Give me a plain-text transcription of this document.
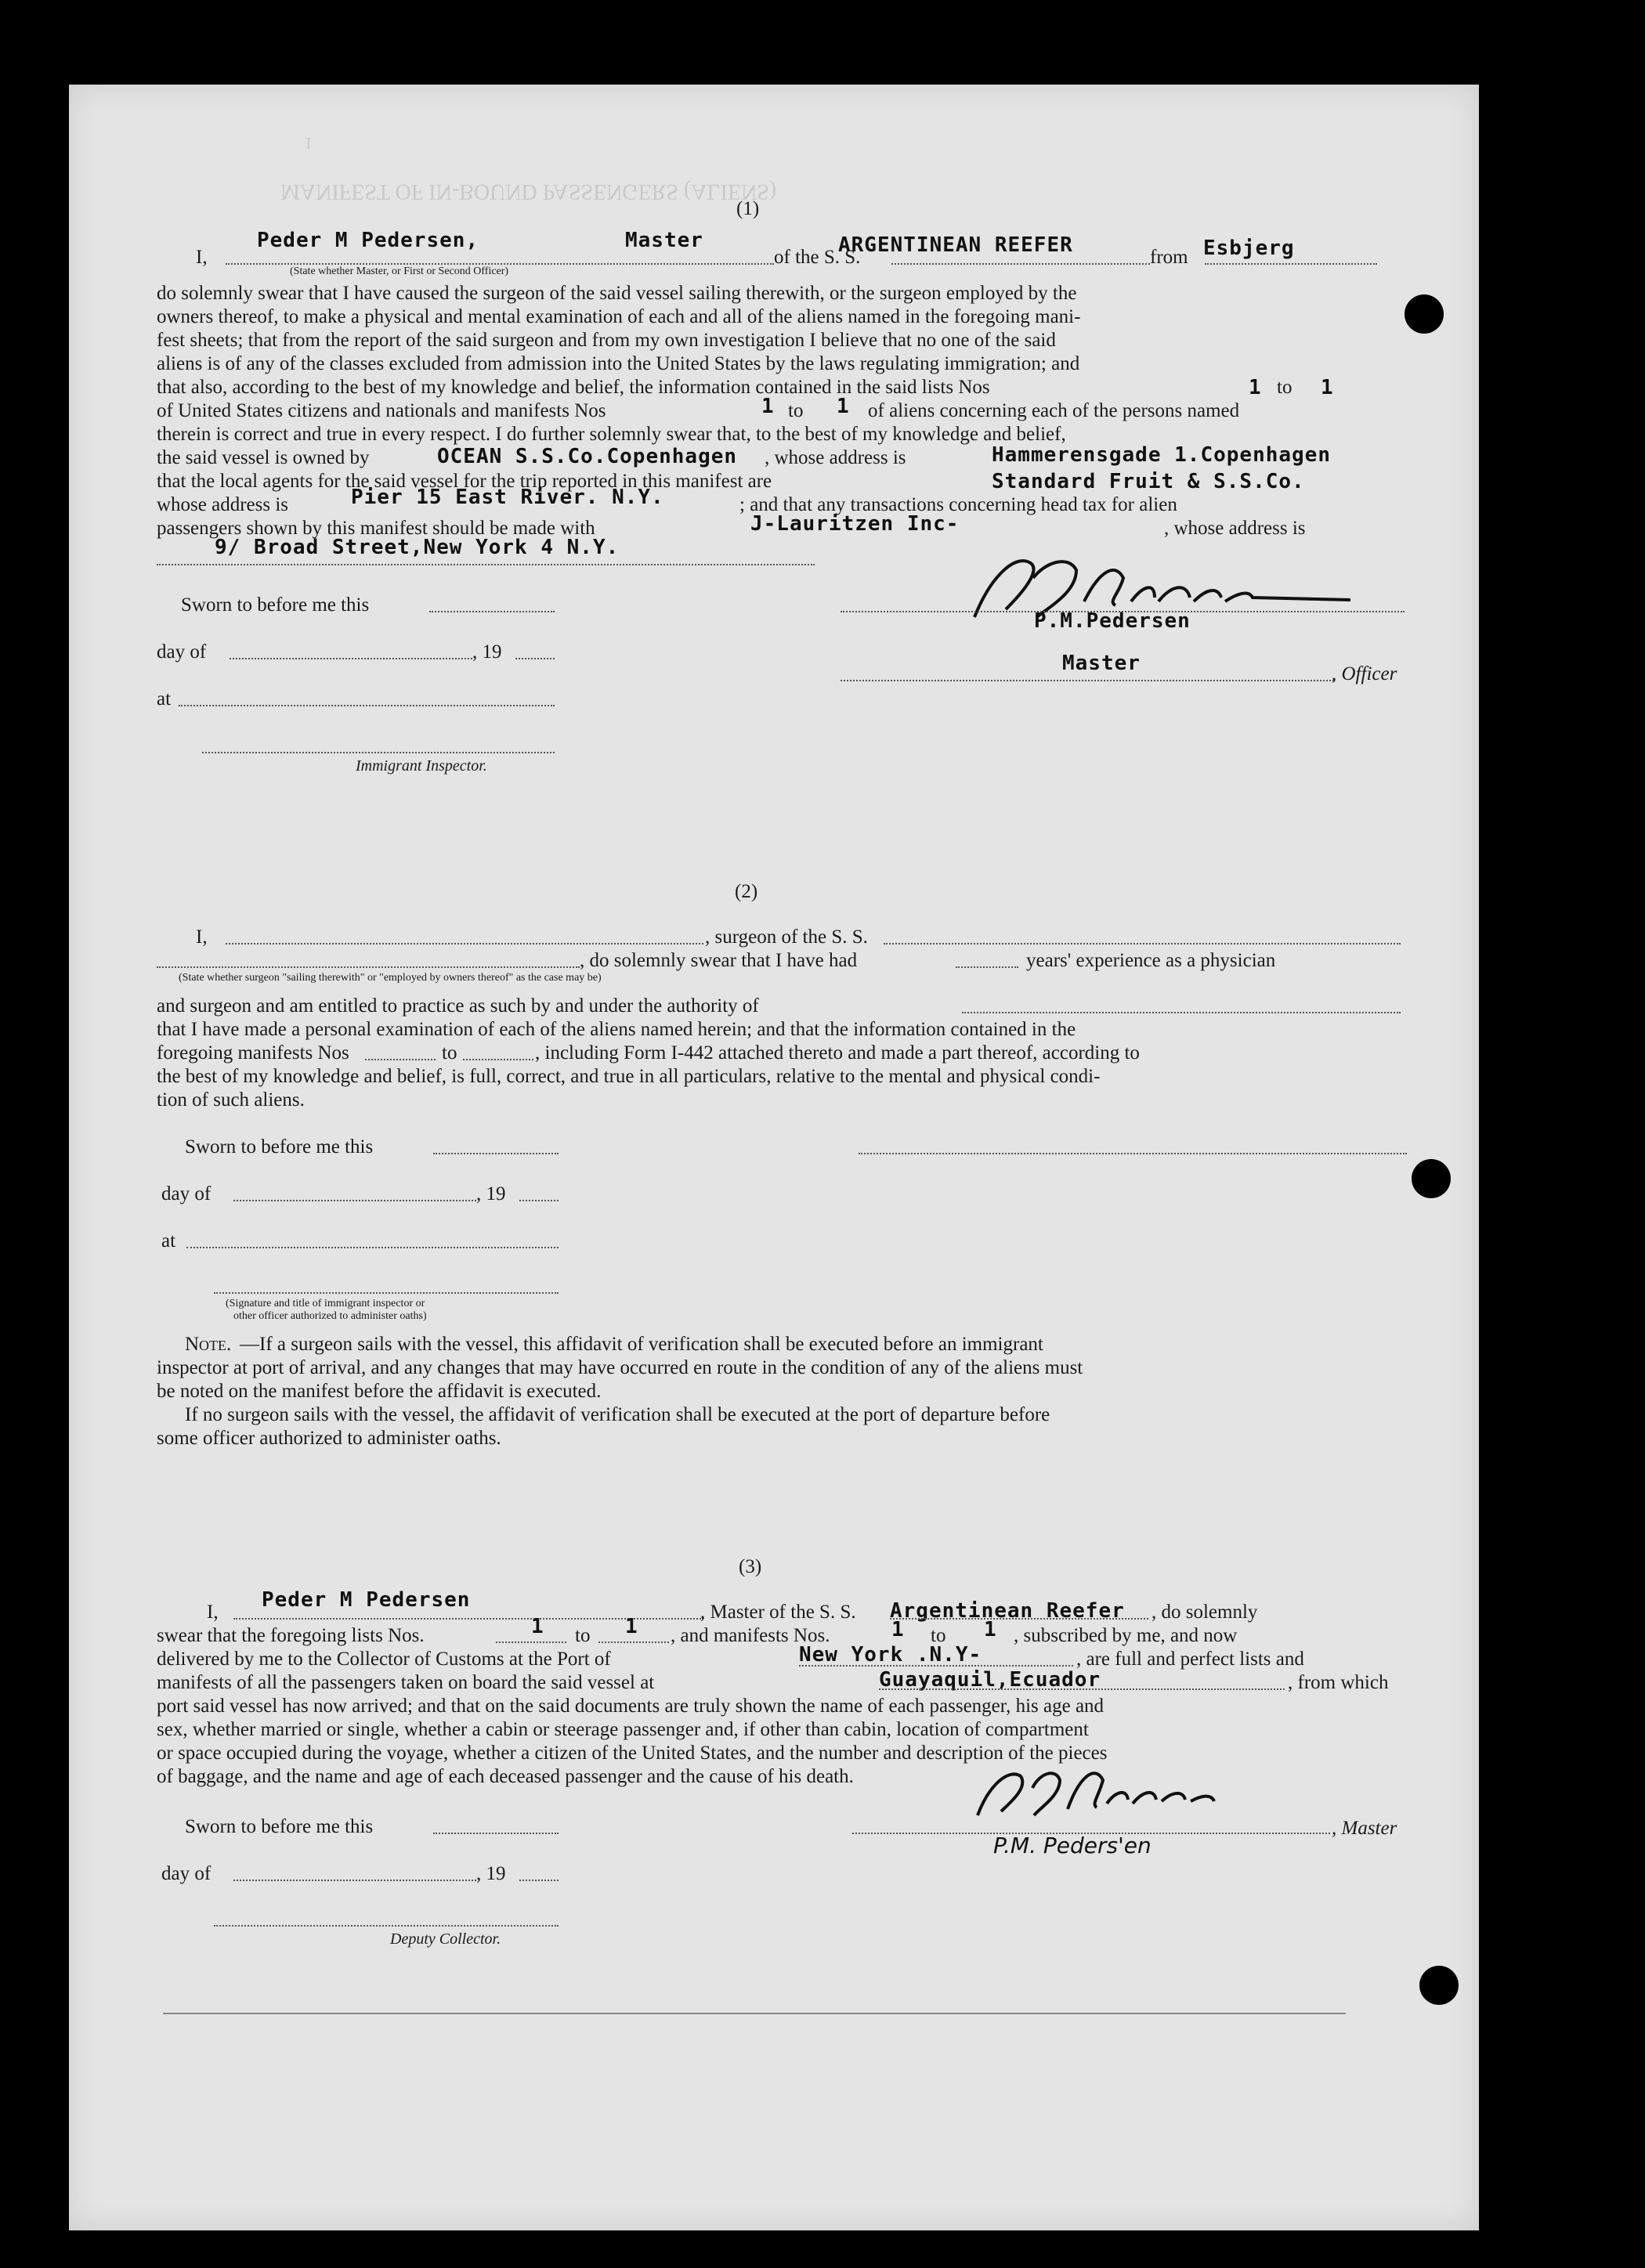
MANIFEST OF IN-BOUND PASSENGERS (ALIENS)
1
(1)
I,
Peder M Pedersen,	Master
of the S. S.
ARGENTINEAN REEFER
from Esbjerg
(State whether Master, or First or Second Officer)
do solemnly swear that I have caused the surgeon of the said vessel sailing therewith, or the surgeon employed by the
owners thereof, to make a physical and mental examination of each and all of the aliens named in the foregoing mani-
fest sheets; that from the report of the said surgeon and from my own investigation I believe that no one of the said
aliens is of any of the classes excluded from admission into the United States by the laws regulating immigration; and
that also, according to the best of my knowledge and belief, the information contained in the said lists Nos	1 to 1
of United States citizens and nationals and manifests Nos	1 to 1 of aliens concerning each of the persons named
therein is correct and true in every respect. I do further solemnly swear that, to the best of my knowledge and belief,
the said vessel is owned by	OCEAN S.S.Co.Copenhagen , whose address is	Hammerensgade 1.Copenhagen
that the local agents for the said vessel for the trip reported in this manifest are	Standard Fruit & S.S.Co.
whose address is	Pier 15 East River. N.Y.	; and that any transactions concerning head tax for alien
passengers shown by this manifest should be made with	J-Lauritzen Inc-	, whose address is
9/ Broad Street,New York 4 N.Y.
P.M.Pedersen
Master	, Officer
Sworn to before me this
day of	, 19
at
Immigrant Inspector.
(2)
I,	, surgeon of the S. S.
, do solemnly swear that I have had	years' experience as a physician
(State whether surgeon "sailing therewith" or "employed by owners thereof" as the case may be)
and surgeon and am entitled to practice as such by and under the authority of
that I have made a personal examination of each of the aliens named herein; and that the information contained in the
foregoing manifests Nos	to	, including Form I-442 attached thereto and made a part thereof, according to
the best of my knowledge and belief, is full, correct, and true in all particulars, relative to the mental and physical condi-
tion of such aliens.
Sworn to before me this
day of	, 19
at
(Signature and title of immigrant inspector or
other officer authorized to administer oaths)
Note. —If a surgeon sails with the vessel, this affidavit of verification shall be executed before an immigrant
inspector at port of arrival, and any changes that may have occurred en route in the condition of any of the aliens must
be noted on the manifest before the affidavit is executed.
If no surgeon sails with the vessel, the affidavit of verification shall be executed at the port of departure before
some officer authorized to administer oaths.
(3)
I,
Peder M Pedersen
, Master of the S. S. Argentinean Reefer , do solemnly
swear that the foregoing lists Nos.	1 to 1 , and manifests Nos.	1 to 1 , subscribed by me, and now
delivered by me to the Collector of Customs at the Port of	New York .N.Y-	, are full and perfect lists and
manifests of all the passengers taken on board the said vessel at	Guayaquil,Ecuador	, from which
port said vessel has now arrived; and that on the said documents are truly shown the name of each passenger, his age and
sex, whether married or single, whether a cabin or steerage passenger and, if other than cabin, location of compartment
or space occupied during the voyage, whether a citizen of the United States, and the number and description of the pieces
of baggage, and the name and age of each deceased passenger and the cause of his death.
, Master
P.M. Peders'en
Sworn to before me this
day of	, 19
Deputy Collector.
